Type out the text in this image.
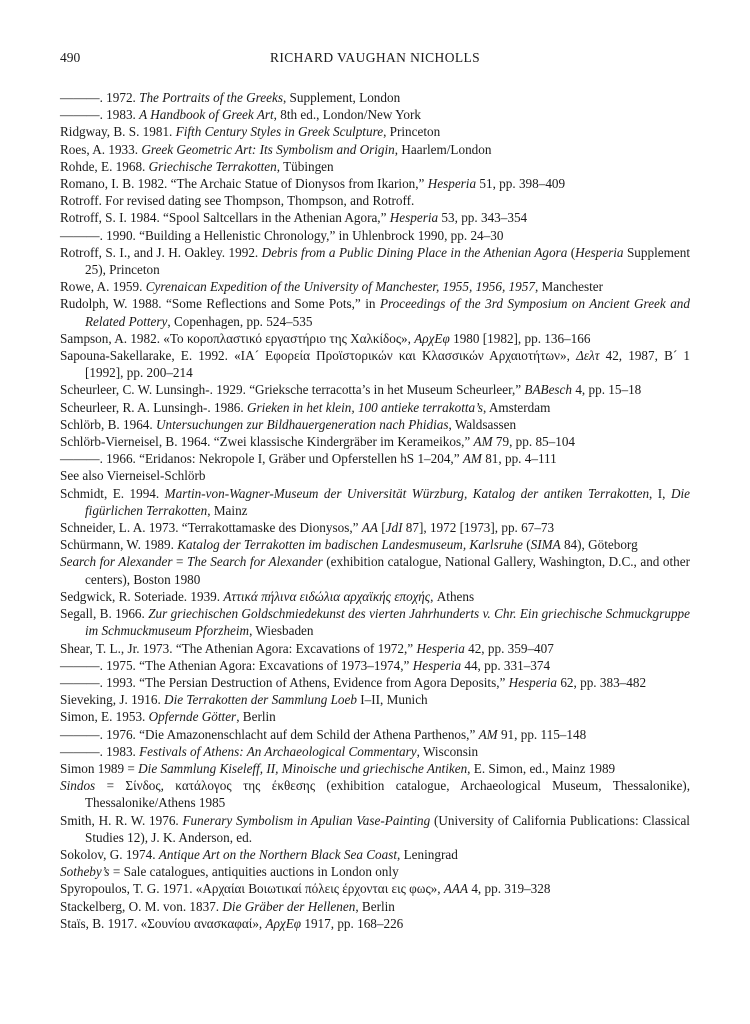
490	RICHARD VAUGHAN NICHOLLS

———. 1972. The Portraits of the Greeks, Supplement, London

———. 1983. A Handbook of Greek Art, 8th ed., London/New York

Ridgway, B. S. 1981. Fifth Century Styles in Greek Sculpture, Princeton

Roes, A. 1933. Greek Geometric Art: Its Symbolism and Origin, Haarlem/London

Rohde, E. 1968. Griechische Terrakotten, Tübingen

Romano, I. B. 1982. “The Archaic Statue of Dionysos from Ikarion,” Hesperia 51, pp. 398–409

Rotroff. For revised dating see Thompson, Thompson, and Rotroff.

Rotroff, S. I. 1984. “Spool Saltcellars in the Athenian Agora,” Hesperia 53, pp. 343–354

———. 1990. “Building a Hellenistic Chronology,” in Uhlenbrock 1990, pp. 24–30

Rotroff, S. I., and J. H. Oakley. 1992. Debris from a Public Dining Place in the Athenian Agora (Hesperia Supplement 25), Princeton

Rowe, A. 1959. Cyrenaican Expedition of the University of Manchester, 1955, 1956, 1957, Manchester

Rudolph, W. 1988. “Some Reflections and Some Pots,” in Proceedings of the 3rd Symposium on Ancient Greek and Related Pottery, Copenhagen, pp. 524–535

Sampson, A. 1982. «Το κοροπλαστικό εργαστήριο της Χαλκίδος», ΑρχΕφ 1980 [1982], pp. 136–166

Sapouna-Sakellarake, E. 1992. «ΙΑ´ Εφορεία Προϊστορικών και Κλασσικών Αρχαιοτήτων», Δελτ 42, 1987, Β´ 1 [1992], pp. 200–214

Scheurleer, C. W. Lunsingh-. 1929. “Grieksche terracotta’s in het Museum Scheurleer,” BABesch 4, pp. 15–18

Scheurleer, R. A. Lunsingh-. 1986. Grieken in het klein, 100 antieke terrakotta’s, Amsterdam

Schlörb, B. 1964. Untersuchungen zur Bildhauergeneration nach Phidias, Waldsassen

Schlörb-Vierneisel, B. 1964. “Zwei klassische Kindergräber im Kerameikos,” AM 79, pp. 85–104

———. 1966. “Eridanos: Nekropole I, Gräber und Opferstellen hS 1–204,” AM 81, pp. 4–111

See also Vierneisel-Schlörb

Schmidt, E. 1994. Martin-von-Wagner-Museum der Universität Würzburg, Katalog der antiken Terrakotten, I, Die figürlichen Terrakotten, Mainz

Schneider, L. A. 1973. “Terrakottamaske des Dionysos,” AA [JdI 87], 1972 [1973], pp. 67–73

Schürmann, W. 1989. Katalog der Terrakotten im badischen Landesmuseum, Karlsruhe (SIMA 84), Göteborg

Search for Alexander = The Search for Alexander (exhibition catalogue, National Gallery, Washington, D.C., and other centers), Boston 1980

Sedgwick, R. Soteriade. 1939. Αττικά πήλινα ειδώλια αρχαϊκής εποχής, Athens

Segall, B. 1966. Zur griechischen Goldschmiedekunst des vierten Jahrhunderts v. Chr. Ein griechische Schmuckgruppe im Schmuckmuseum Pforzheim, Wiesbaden

Shear, T. L., Jr. 1973. “The Athenian Agora: Excavations of 1972,” Hesperia 42, pp. 359–407

———. 1975. “The Athenian Agora: Excavations of 1973–1974,” Hesperia 44, pp. 331–374

———. 1993. “The Persian Destruction of Athens, Evidence from Agora Deposits,” Hesperia 62, pp. 383–482

Sieveking, J. 1916. Die Terrakotten der Sammlung Loeb I–II, Munich

Simon, E. 1953. Opfernde Götter, Berlin

———. 1976. “Die Amazonenschlacht auf dem Schild der Athena Parthenos,” AM 91, pp. 115–148

———. 1983. Festivals of Athens: An Archaeological Commentary, Wisconsin

Simon 1989 = Die Sammlung Kiseleff, II, Minoische und griechische Antiken, E. Simon, ed., Mainz 1989

Sindos = Σίνδος, κατάλογος της έκθεσης (exhibition catalogue, Archaeological Museum, Thessalonike), Thessalonike/Athens 1985

Smith, H. R. W. 1976. Funerary Symbolism in Apulian Vase-Painting (University of California Publications: Classical Studies 12), J. K. Anderson, ed.

Sokolov, G. 1974. Antique Art on the Northern Black Sea Coast, Leningrad

Sotheby’s = Sale catalogues, antiquities auctions in London only

Spyropoulos, T. G. 1971. «Αρχαίαι Βοιωτικαί πόλεις έρχονται εις φως», AAA 4, pp. 319–328

Stackelberg, O. M. von. 1837. Die Gräber der Hellenen, Berlin

Staïs, B. 1917. «Σουνίου ανασκαφαί», ΑρχΕφ 1917, pp. 168–226
